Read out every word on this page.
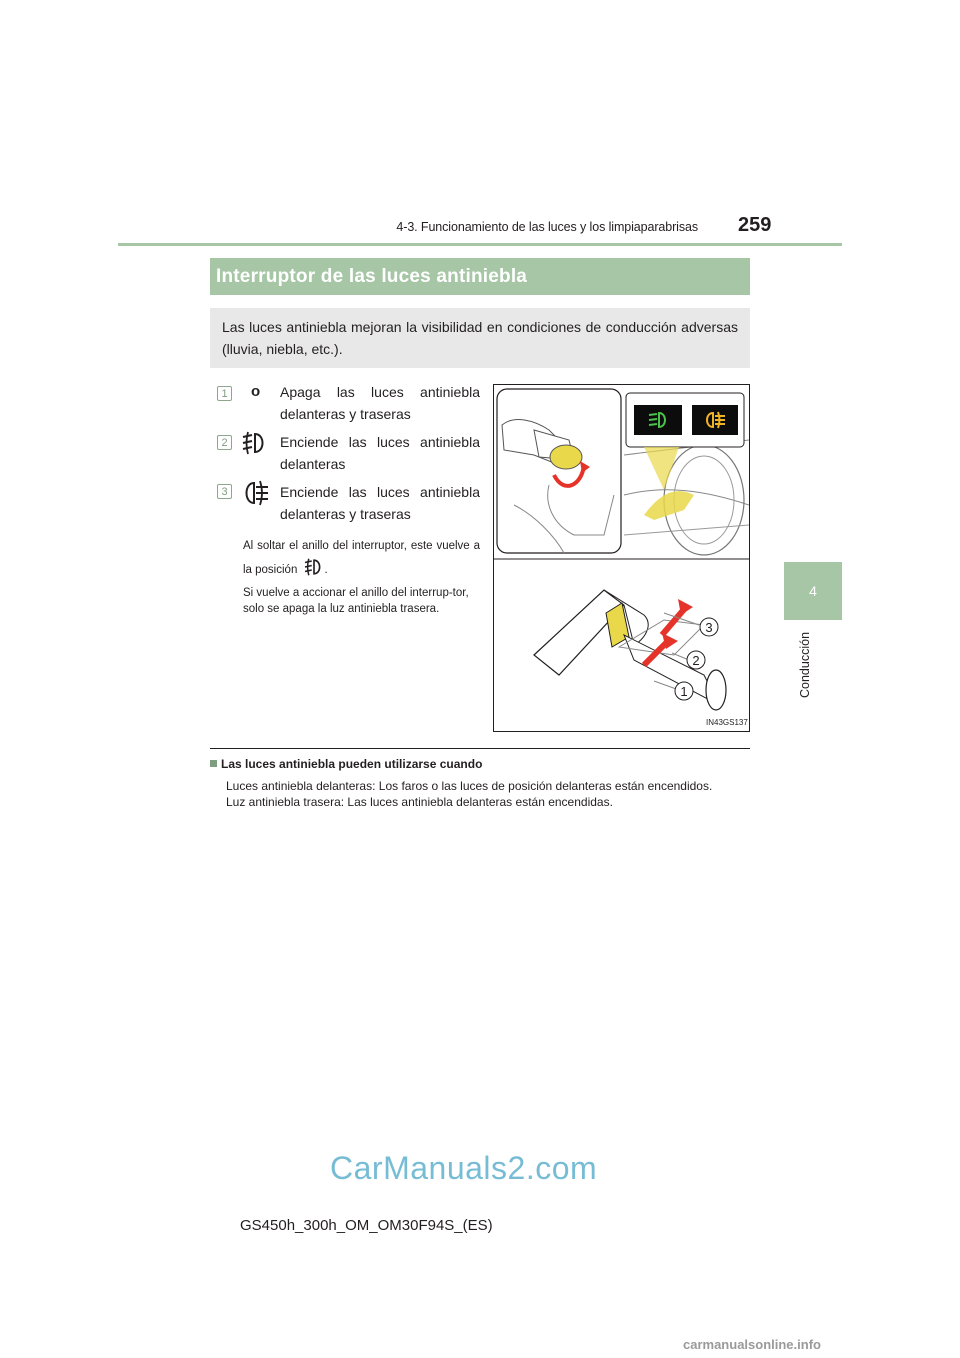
4-3. Funcionamiento de las luces y los limpiaparabrisas 259
4
Conducción
Interruptor de las luces antiniebla
Las luces antiniebla mejoran la visibilidad en condiciones de conducción adversas (lluvia, niebla, etc.).
1 o Apaga las luces antiniebla delanteras y traseras
2	Enciende las luces antiniebla delanteras
3	Enciende las luces antiniebla delanteras y traseras
Al soltar el anillo del interruptor, este vuelve a la posición .
Si vuelve a accionar el anillo del interrup-tor, solo se apaga la luz antiniebla trasera.
3
2
1
IN43GS137
Las luces antiniebla pueden utilizarse cuando
Luces antiniebla delanteras: Los faros o las luces de posición delanteras están encendidos.
Luz antiniebla trasera: Las luces antiniebla delanteras están encendidas.
CarManuals2.com
GS450h_300h_OM_OM30F94S_(ES)
carmanualsonline.info
